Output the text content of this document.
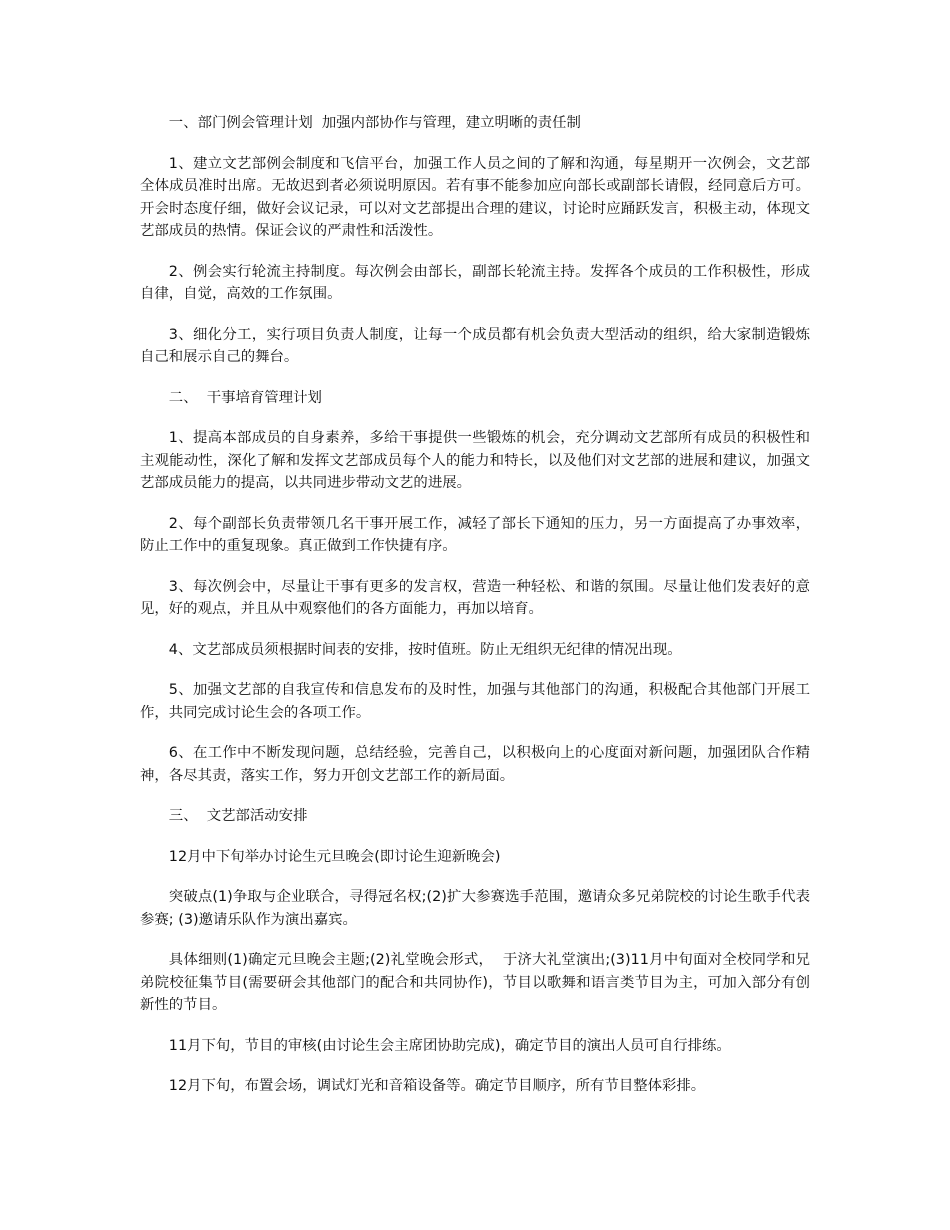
一、部门例会管理计划  加强内部协作与管理，建立明晰的责任制

1、建立文艺部例会制度和飞信平台，加强工作人员之间的了解和沟通，每星期开一次例会，文艺部全体成员准时出席。无故迟到者必须说明原因。若有事不能参加应向部长或副部长请假，经同意后方可。开会时态度仔细，做好会议记录，可以对文艺部提出合理的建议，讨论时应踊跃发言，积极主动，体现文艺部成员的热情。保证会议的严肃性和活泼性。

2、例会实行轮流主持制度。每次例会由部长，副部长轮流主持。发挥各个成员的工作积极性，形成自律，自觉，高效的工作氛围。

3、细化分工，实行项目负责人制度，让每一个成员都有机会负责大型活动的组织，给大家制造锻炼自己和展示自己的舞台。

二、  干事培育管理计划

1、提高本部成员的自身素养，多给干事提供一些锻炼的机会，充分调动文艺部所有成员的积极性和主观能动性，深化了解和发挥文艺部成员每个人的能力和特长，以及他们对文艺部的进展和建议，加强文艺部成员能力的提高，以共同进步带动文艺的进展。

2、每个副部长负责带领几名干事开展工作，减轻了部长下通知的压力，另一方面提高了办事效率，防止工作中的重复现象。真正做到工作快捷有序。

3、每次例会中，尽量让干事有更多的发言权，营造一种轻松、和谐的氛围。尽量让他们发表好的意见，好的观点，并且从中观察他们的各方面能力，再加以培育。

4、文艺部成员须根据时间表的安排，按时值班。防止无组织无纪律的情况出现。

5、加强文艺部的自我宣传和信息发布的及时性，加强与其他部门的沟通，积极配合其他部门开展工作，共同完成讨论生会的各项工作。

6、在工作中不断发现问题，总结经验，完善自己，以积极向上的心度面对新问题，加强团队合作精神，各尽其责，落实工作，努力开创文艺部工作的新局面。

三、  文艺部活动安排

12月中下旬举办讨论生元旦晚会(即讨论生迎新晚会)

突破点(1)争取与企业联合，寻得冠名权;(2)扩大参赛选手范围，邀请众多兄弟院校的讨论生歌手代表参赛; (3)邀请乐队作为演出嘉宾。

具体细则(1)确定元旦晚会主题;(2)礼堂晚会形式，  于济大礼堂演出;(3)11月中旬面对全校同学和兄弟院校征集节目(需要研会其他部门的配合和共同协作)，节目以歌舞和语言类节目为主，可加入部分有创新性的节目。

11月下旬，节目的审核(由讨论生会主席团协助完成)，确定节目的演出人员可自行排练。

12月下旬，布置会场，调试灯光和音箱设备等。确定节目顺序，所有节目整体彩排。
